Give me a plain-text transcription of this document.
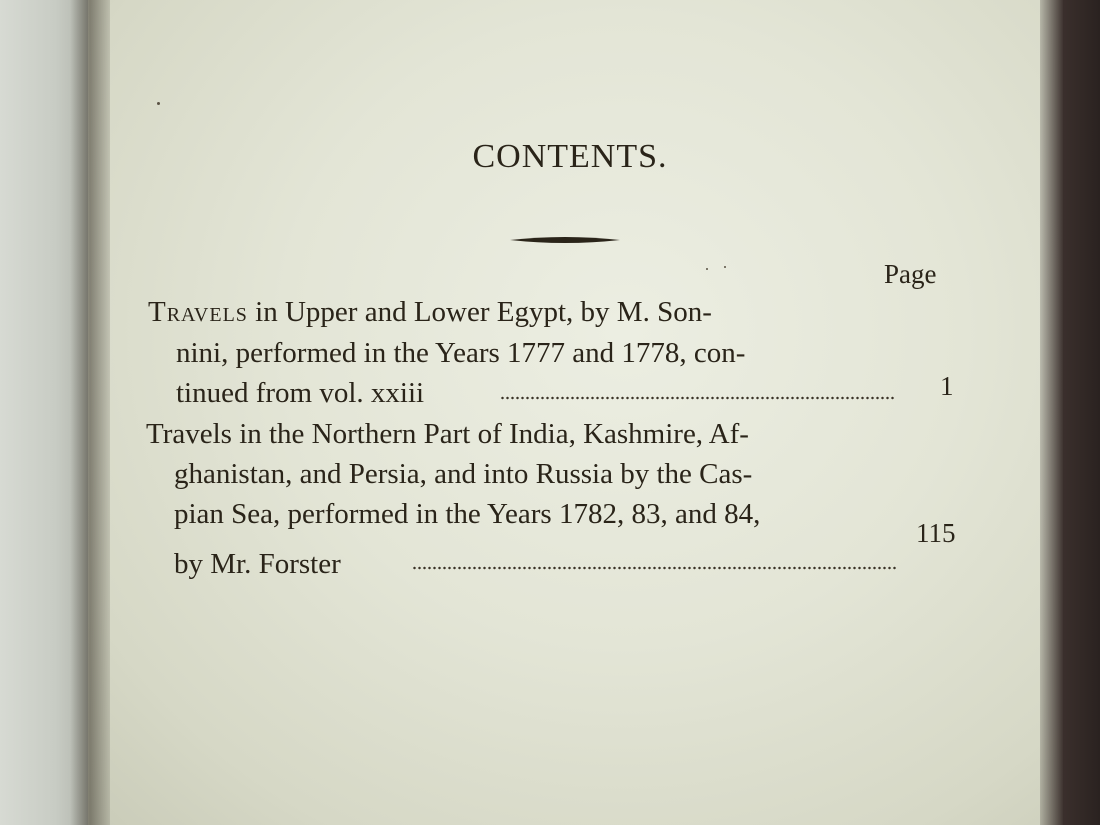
CONTENTS.
Page
Travels in Upper and Lower Egypt, by M. Son-
nini, performed in the Years 1777 and 1778, con-
tinued from vol. xxiii	1
Travels in the Northern Part of India, Kashmire, Af-
ghanistan, and Persia, and into Russia by the Cas-
pian Sea, performed in the Years 1782, 83, and 84,
by Mr. Forster
115
